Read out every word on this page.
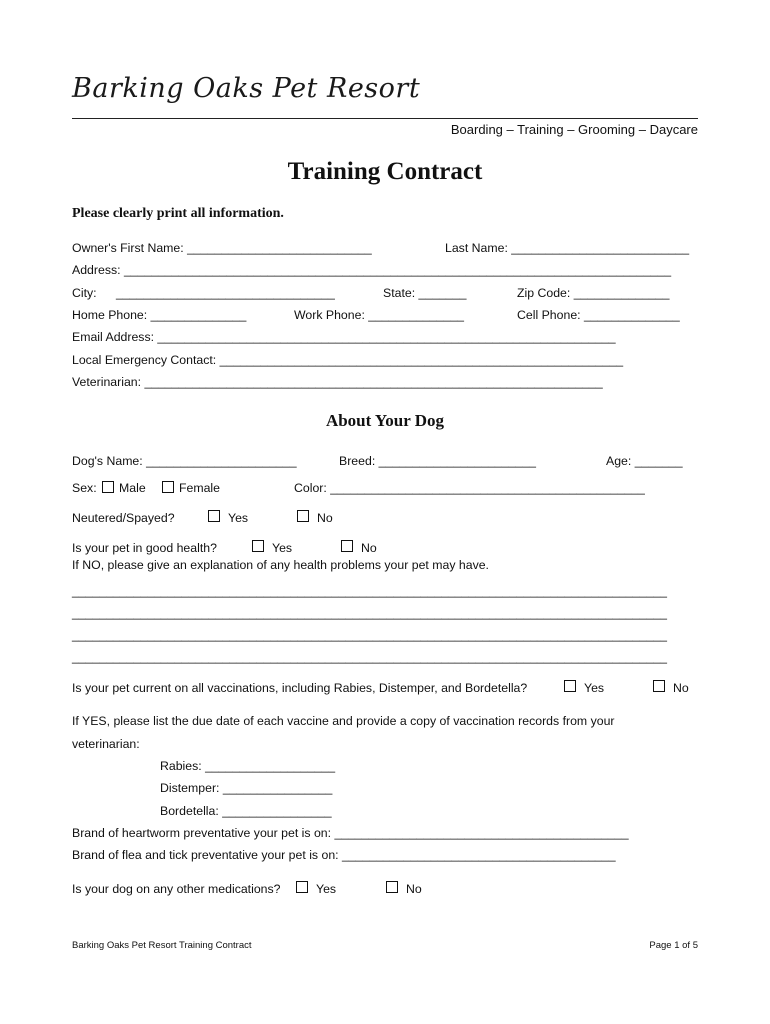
Barking Oaks Pet Resort
Boarding – Training – Grooming – Daycare
Training Contract
Please clearly print all information.
Owner's First Name: ___________________________	Last Name: __________________________
Address: ________________________________________________________________________________
City: ________________________________	State: _______	Zip Code: ______________
Home Phone: ______________	Work Phone: ______________	Cell Phone: ______________
Email Address: ___________________________________________________________________
Local Emergency Contact: ___________________________________________________________
Veterinarian: ___________________________________________________________________
About Your Dog
Dog's Name: ______________________	Breed: _______________________	Age: _______
Sex: Male	Female	Color: ______________________________________________
Neutered/Spayed?	Yes	No
Is your pet in good health?	Yes	No
If NO, please give an explanation of any health problems your pet may have.
_______________________________________________________________________________________
_______________________________________________________________________________________
_______________________________________________________________________________________
_______________________________________________________________________________________
Is your pet current on all vaccinations, including Rabies, Distemper, and Bordetella?	Yes	No
If YES, please list the due date of each vaccine and provide a copy of vaccination records from your
veterinarian:
Rabies: ___________________
Distemper: ________________
Bordetella: ________________
Brand of heartworm preventative your pet is on: ___________________________________________
Brand of flea and tick preventative your pet is on: ________________________________________
Is your dog on any other medications?	Yes	No
Barking Oaks Pet Resort Training Contract	Page 1 of 5
